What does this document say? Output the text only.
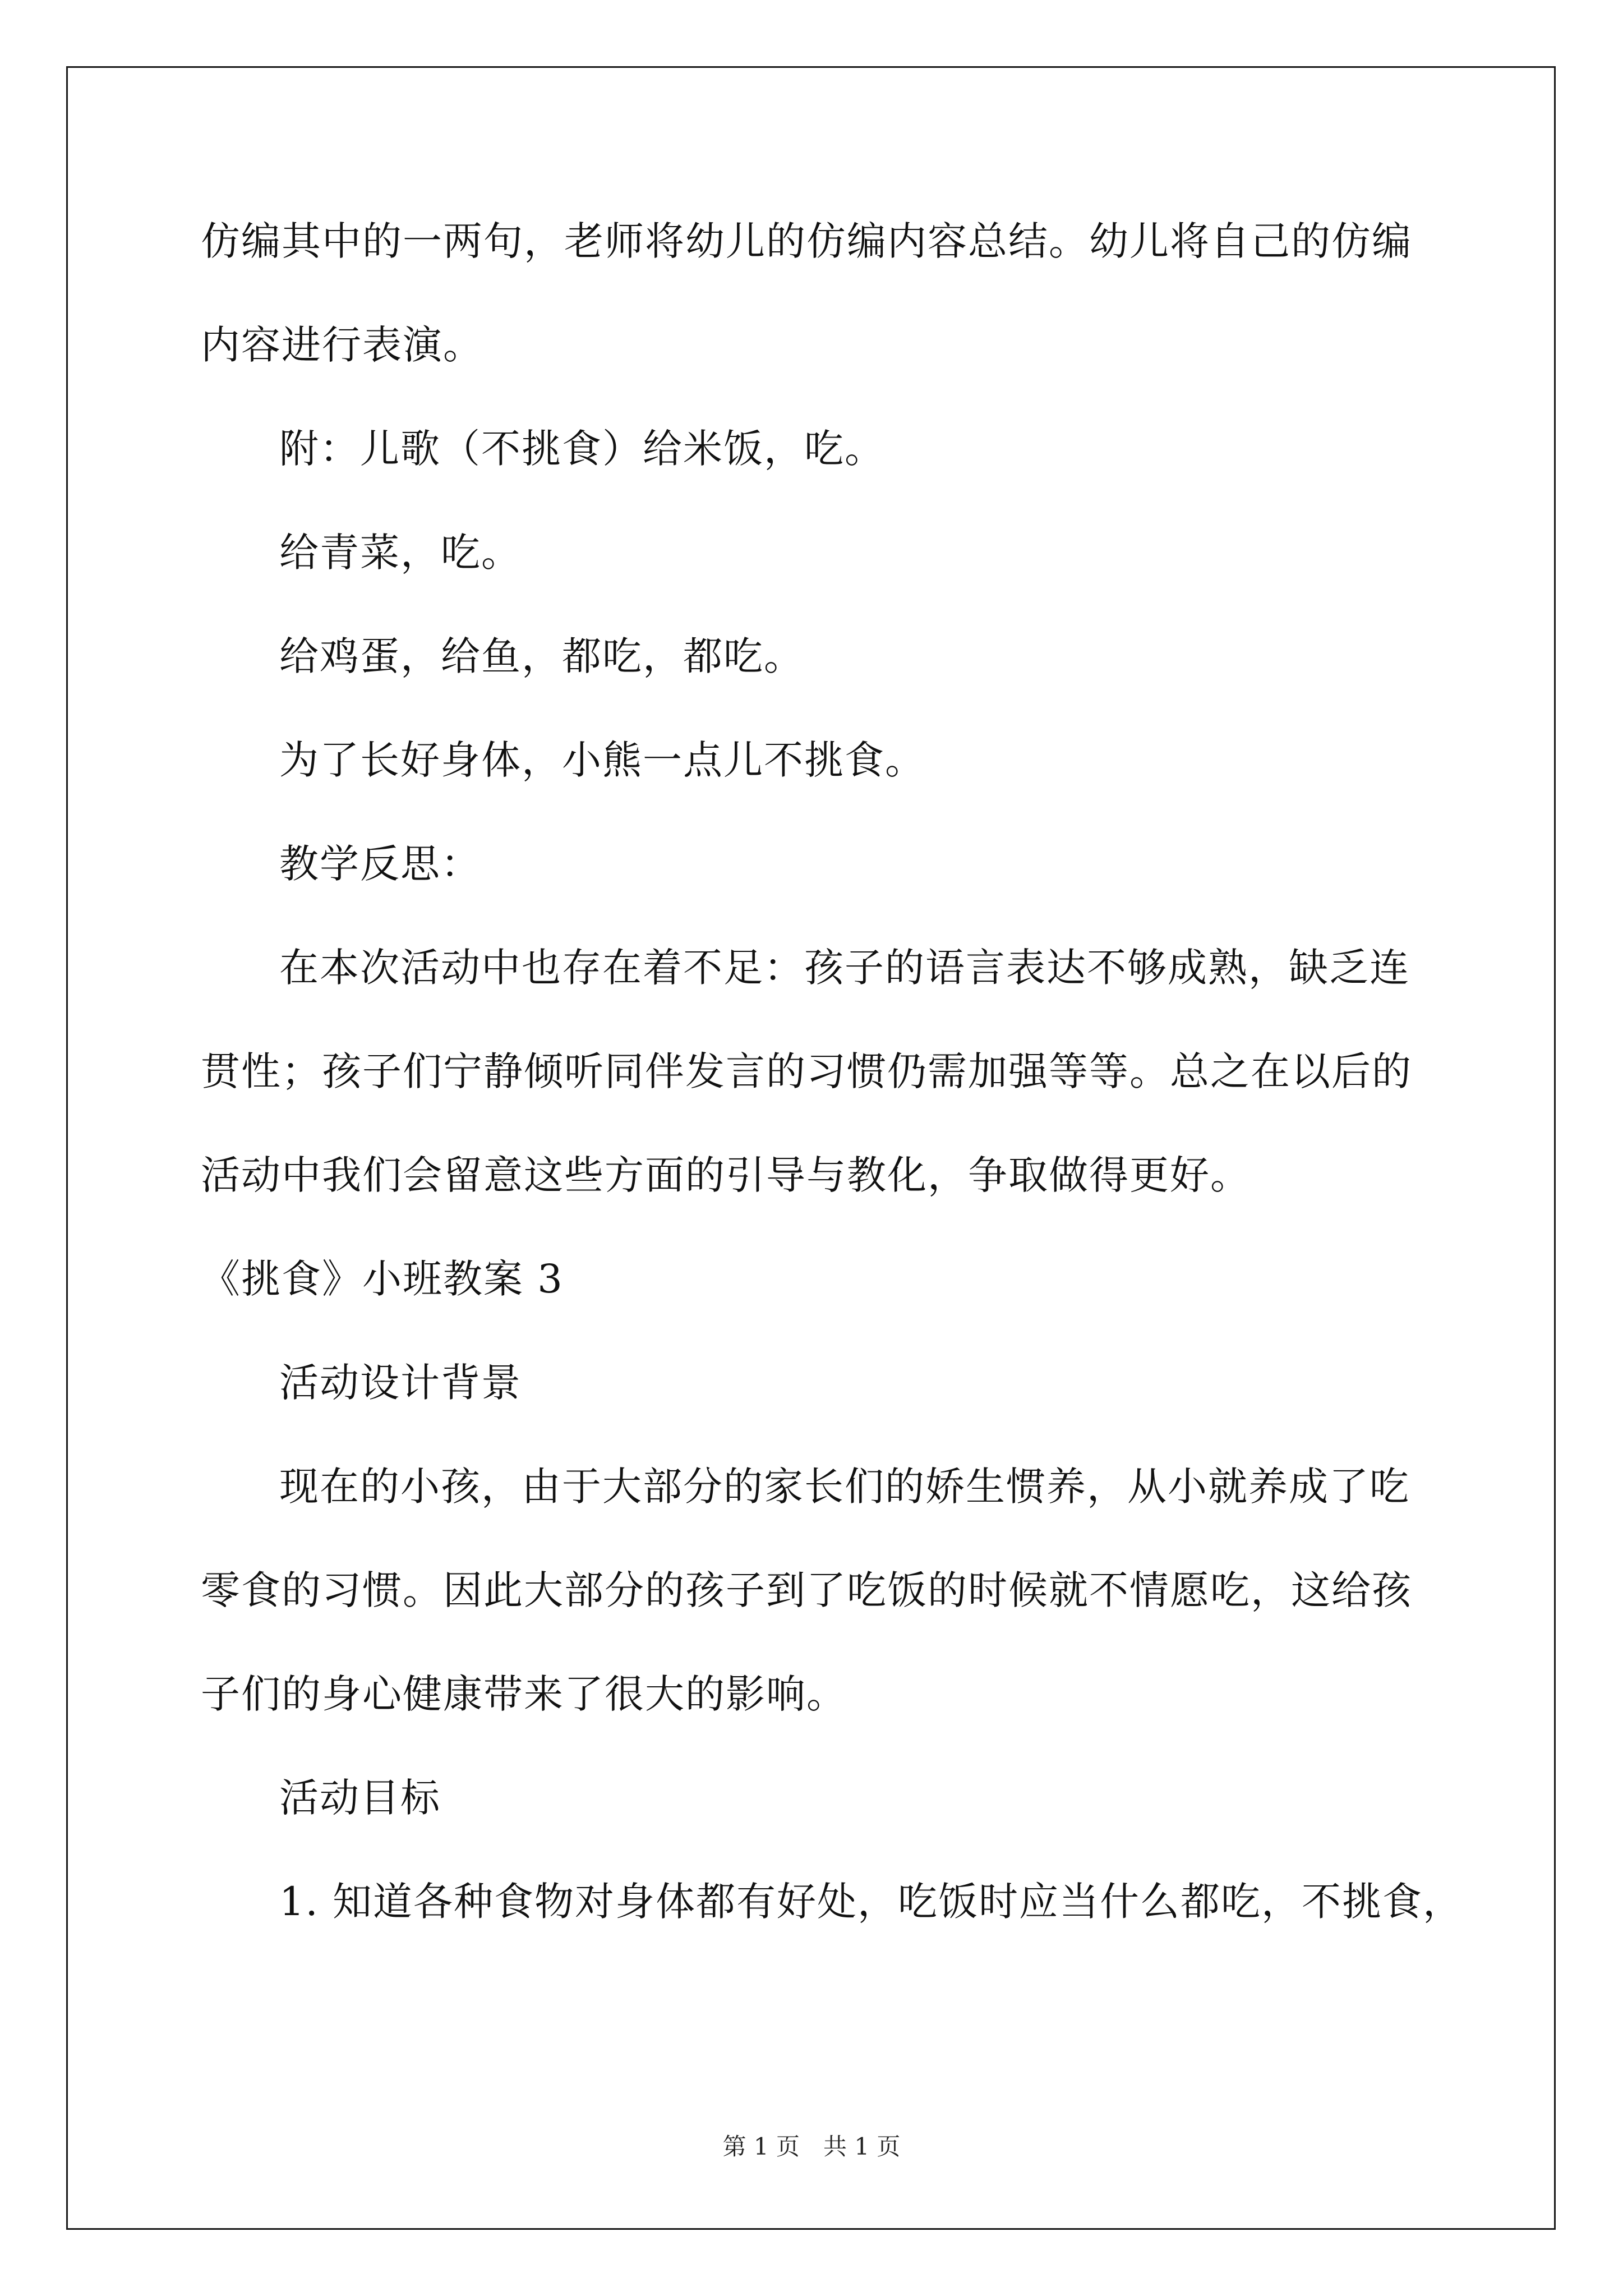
仿编其中的一两句，老师将幼儿的仿编内容总结。幼儿将自己的仿编
内容进行表演。
附：儿歌（不挑食）给米饭，吃。
给青菜，吃。
给鸡蛋，给鱼，都吃，都吃。
为了长好身体，小熊一点儿不挑食。
教学反思：
在本次活动中也存在着不足：孩子的语言表达不够成熟，缺乏连
贯性；孩子们宁静倾听同伴发言的习惯仍需加强等等。总之在以后的
活动中我们会留意这些方面的引导与教化，争取做得更好。
《挑食》小班教案 3
活动设计背景
现在的小孩，由于大部分的家长们的娇生惯养，从小就养成了吃
零食的习惯。因此大部分的孩子到了吃饭的时候就不情愿吃，这给孩
子们的身心健康带来了很大的影响。
活动目标
1. 知道各种食物对身体都有好处，吃饭时应当什么都吃，不挑食，
第 1 页　共 1 页
